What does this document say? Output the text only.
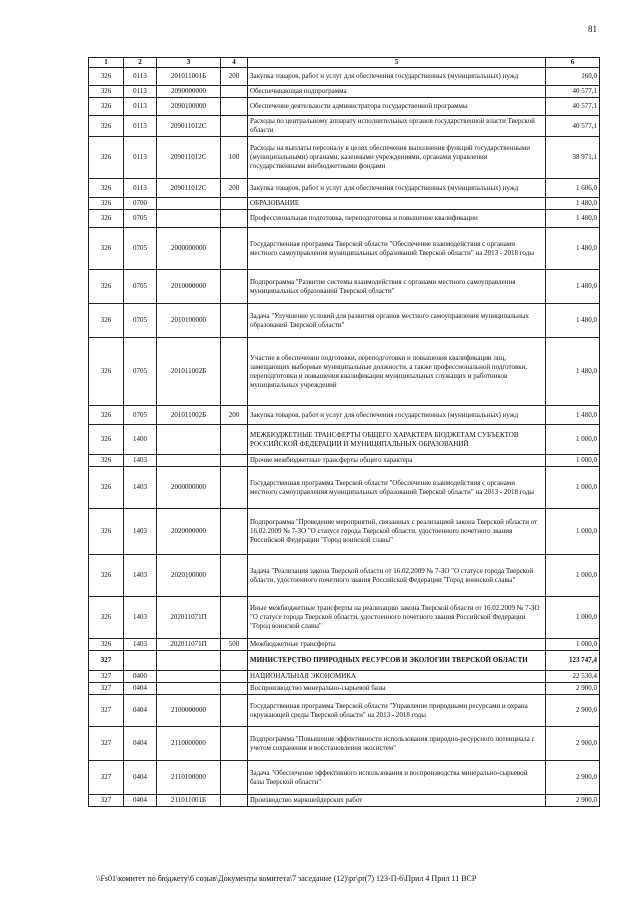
81
1	2	3	4	5	6
326	0113	201011001Б	200	Закупка товаров, работ и услуг для обеспечения государственных (муниципальных) нужд	160,0
326	0113	2090000000		Обеспечивающая подпрограмма	40 577,1
326	0113	2090100000		Обеспечение деятельности администратора государственной программы	40 577,1
326	0113	209011012С		Расходы по центральному аппарату исполнительных органов государственной власти Тверской области	40 577,1
326	0113	209011012С	100	Расходы на выплаты персоналу в целях обеспечения выполнения функций государственными (муниципальными) органами, казенными учреждениями, органами управления государственными внебюджетными фондами	38 971,1
326	0113	209011012С	200	Закупка товаров, работ и услуг для обеспечения государственных (муниципальных) нужд	1 606,0
326	0700			ОБРАЗОВАНИЕ	1 480,0
326	0705			Профессиональная подготовка, переподготовка и повышение квалификации	1 480,0
326	0705	2000000000		Государственная программа Тверской области "Обеспечение взаимодействия с органами местного самоуправления муниципальных образований Тверской области" на 2013 - 2018 годы	1 480,0
326	0705	2010000000		Подпрограмма "Развитие системы взаимодействия с органами местного самоуправления муниципальных образований Тверской области"	1 480,0
326	0705	2010100000		Задача "Улучшение условий для развития органов местного самоуправления муниципальных образований Тверской области"	1 480,0
326	0705	201011002Б		Участие в обеспечении подготовки, переподготовки и повышения квалификации лиц, замещающих выборные муниципальные должности, а также профессиональной подготовки, переподготовки и повышения квалификации муниципальных служащих и работников муниципальных учреждений	1 480,0
326	0705	201011002Б	200	Закупка товаров, работ и услуг для обеспечения государственных (муниципальных) нужд	1 480,0
326	1400			МЕЖБЮДЖЕТНЫЕ ТРАНСФЕРТЫ ОБЩЕГО ХАРАКТЕРА БЮДЖЕТАМ СУБЪЕКТОВ РОССИЙСКОЙ ФЕДЕРАЦИИ И МУНИЦИПАЛЬНЫХ ОБРАЗОВАНИЙ	1 000,0
326	1403			Прочие межбюджетные трансферты общего характера	1 000,0
326	1403	2000000000		Государственная программа Тверской области "Обеспечение взаимодействия с органами местного самоуправления муниципальных образований Тверской области" на 2013 - 2018 годы	1 000,0
326	1403	2020000000		Подпрограмма "Проведение мероприятий, связанных с реализацией закона Тверской области от 16.02.2009 № 7-ЗО "О статусе города Тверской области, удостоенного почетного звания Российской Федерации "Город воинской славы"	1 000,0
326	1403	2020100000		Задача "Реализация закона Тверской области от 16.02.2009 № 7-ЗО "О статусе города Тверской области, удостоенного почетного звания Российской Федерации "Город воинской славы"	1 000,0
326	1403	202011071П		Иные межбюджетные трансферты на реализацию закона Тверской области от 16.02.2009 № 7-ЗО "О статусе города Тверской области, удостоенного почетного звания Российской Федерации "Город воинской славы"	1 000,0
326	1403	202011071П	500	Межбюджетные трансферты	1 000,0
327				МИНИСТЕРСТВО ПРИРОДНЫХ РЕСУРСОВ И ЭКОЛОГИИ ТВЕРСКОЙ ОБЛАСТИ	123 747,4
327	0400			НАЦИОНАЛЬНАЯ ЭКОНОМИКА	22 530,4
327	0404			Воспроизводство минерально-сырьевой базы	2 900,0
327	0404	2100000000		Государственная программа Тверской области "Управление природными ресурсами и охрана окружающей среды Тверской области" на 2013 - 2018 годы	2 900,0
327	0404	2110000000		Подпрограмма "Повышение эффективности использования природно-ресурсного потенциала с учетом сохранения и восстановления экосистем"	2 900,0
327	0404	2110100000		Задача "Обеспечение эффективного использования и воспроизводства минерально-сырьевой базы Тверской области"	2 900,0
327	0404	211011001Б		Производство маркшейдерских работ	2 900,0
\\Fs01\комитет по бюджету\6 созыв\Документы комитета\7 заседание (12)\pr\pr(7) 123-П-6\Прил 4 Прил 11 ВСР
